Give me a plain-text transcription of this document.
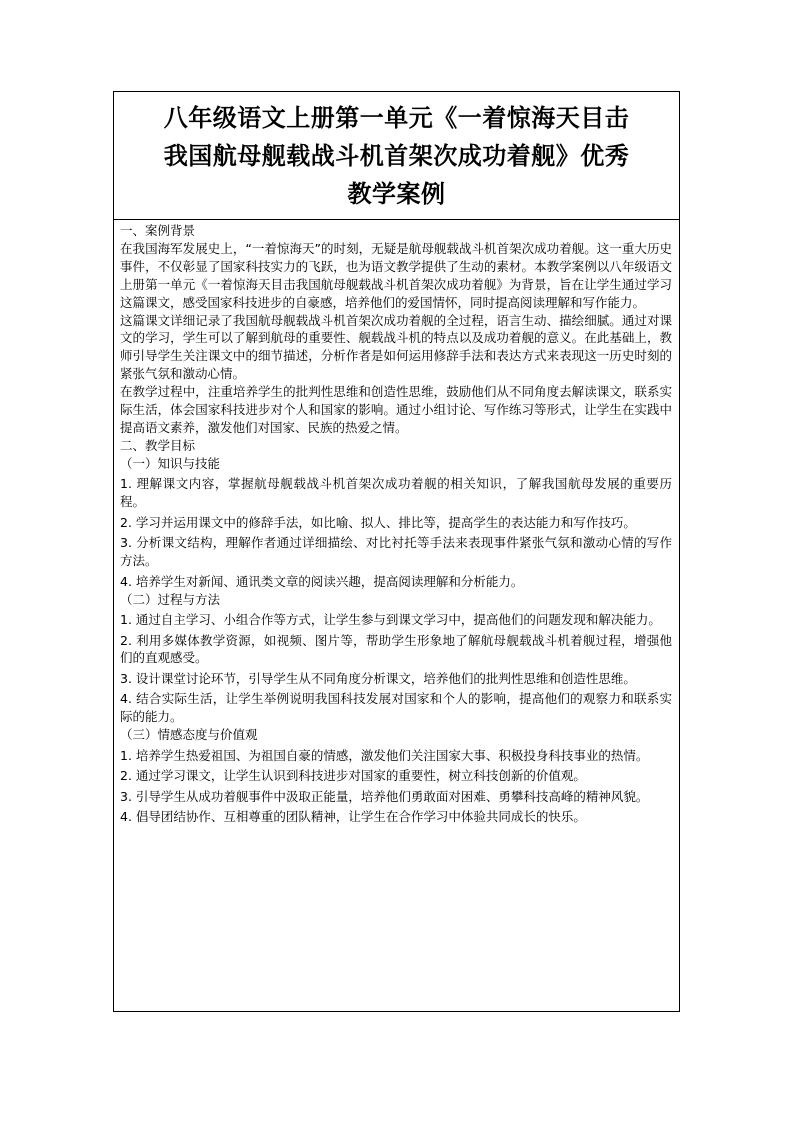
八年级语文上册第一单元《一着惊海天目击
我国航母舰载战斗机首架次成功着舰》优秀
教学案例

一、案例背景

在我国海军发展史上，“一着惊海天”的时刻，无疑是航母舰载战斗机首架次成功着舰。这一重大历史事件，不仅彰显了国家科技实力的飞跃，也为语文教学提供了生动的素材。本教学案例以八年级语文上册第一单元《一着惊海天目击我国航母舰载战斗机首架次成功着舰》为背景，旨在让学生通过学习这篇课文，感受国家科技进步的自豪感，培养他们的爱国情怀，同时提高阅读理解和写作能力。

这篇课文详细记录了我国航母舰载战斗机首架次成功着舰的全过程，语言生动、描绘细腻。通过对课文的学习，学生可以了解到航母的重要性、舰载战斗机的特点以及成功着舰的意义。在此基础上，教师引导学生关注课文中的细节描述，分析作者是如何运用修辞手法和表达方式来表现这一历史时刻的紧张气氛和激动心情。

在教学过程中，注重培养学生的批判性思维和创造性思维，鼓励他们从不同角度去解读课文，联系实际生活，体会国家科技进步对个人和国家的影响。通过小组讨论、写作练习等形式，让学生在实践中提高语文素养，激发他们对国家、民族的热爱之情。

二、教学目标

（一）知识与技能

1. 理解课文内容，掌握航母舰载战斗机首架次成功着舰的相关知识，了解我国航母发展的重要历程。

2. 学习并运用课文中的修辞手法，如比喻、拟人、排比等，提高学生的表达能力和写作技巧。

3. 分析课文结构，理解作者通过详细描绘、对比衬托等手法来表现事件紧张气氛和激动心情的写作方法。

4. 培养学生对新闻、通讯类文章的阅读兴趣，提高阅读理解和分析能力。

（二）过程与方法

1. 通过自主学习、小组合作等方式，让学生参与到课文学习中，提高他们的问题发现和解决能力。

2. 利用多媒体教学资源，如视频、图片等，帮助学生形象地了解航母舰载战斗机着舰过程，增强他们的直观感受。

3. 设计课堂讨论环节，引导学生从不同角度分析课文，培养他们的批判性思维和创造性思维。

4. 结合实际生活，让学生举例说明我国科技发展对国家和个人的影响，提高他们的观察力和联系实际的能力。

（三）情感态度与价值观

1. 培养学生热爱祖国、为祖国自豪的情感，激发他们关注国家大事、积极投身科技事业的热情。

2. 通过学习课文，让学生认识到科技进步对国家的重要性，树立科技创新的价值观。

3. 引导学生从成功着舰事件中汲取正能量，培养他们勇敢面对困难、勇攀科技高峰的精神风貌。

4. 倡导团结协作、互相尊重的团队精神，让学生在合作学习中体验共同成长的快乐。
